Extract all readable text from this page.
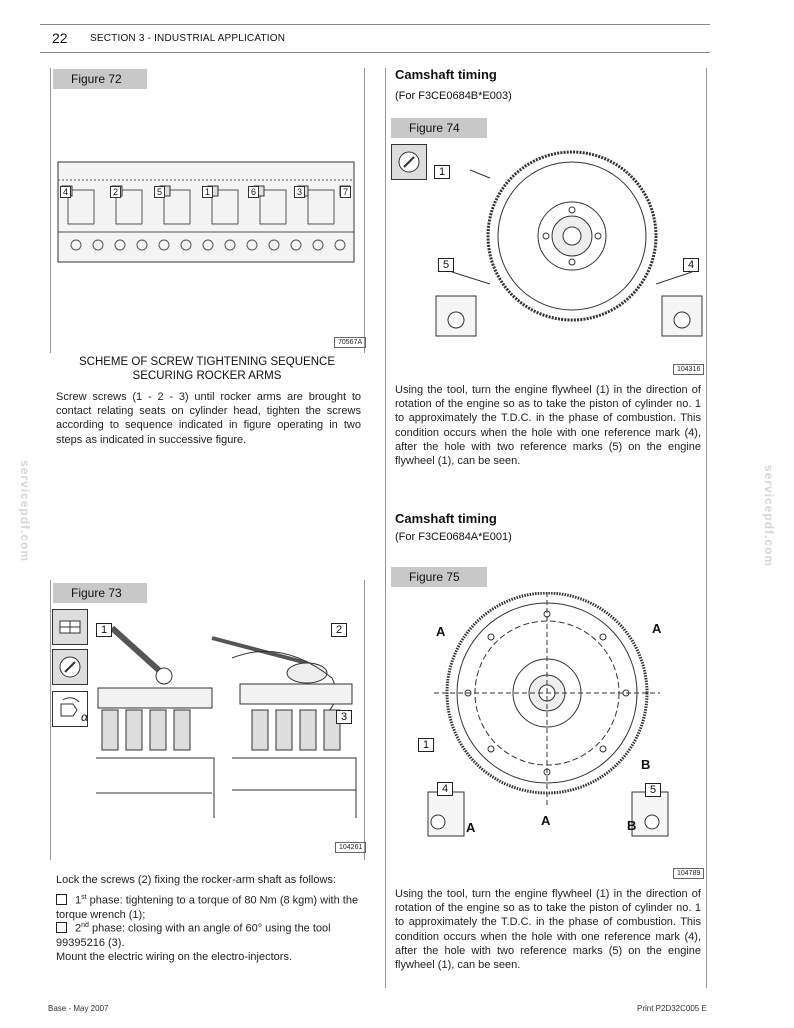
22 SECTION 3 - INDUSTRIAL APPLICATION
servicepdf.com	servicepdf.com
Figure 72
4	2	5	1	6	3	7
70567A
SCHEME OF SCREW TIGHTENING SEQUENCE
SECURING ROCKER ARMS
Screw screws (1 - 2 - 3) until rocker arms are brought to contact relating seats on cylinder head, tighten the screws according to sequence indicated in figure operating in two steps as indicated in successive figure.
Figure 73
α
1	2
3
104261
Lock the screws (2) fixing the rocker-arm shaft as follows:
1st phase: tightening to a torque of 80 Nm (8 kgm) with the torque wrench (1);
2nd phase: closing with an angle of 60° using the tool 99395216 (3).
Mount the electric wiring on the electro-injectors.
Camshaft timing
(For F3CE0684B*E003)
Figure 74
1
5	4
104316
Using the tool, turn the engine flywheel (1) in the direction of rotation of the engine so as to take the piston of cylinder no. 1 to approximately the T.D.C. in the phase of combustion. This condition occurs when the hole with one reference mark (4), after the hole with two reference marks (5) on the engine flywheel (1), can be seen.
Camshaft timing
(For F3CE0684A*E001)
Figure 75
A	A
B
A	A	B
1
4	5
104789
Using the tool, turn the engine flywheel (1) in the direction of rotation of the engine so as to take the piston of cylinder no. 1 to approximately the T.D.C. in the phase of combustion. This condition occurs when the hole with one reference mark (4), after the hole with two reference marks (5) on the engine flywheel (1), can be seen.
Base - May 2007	Print P2D32C005 E
